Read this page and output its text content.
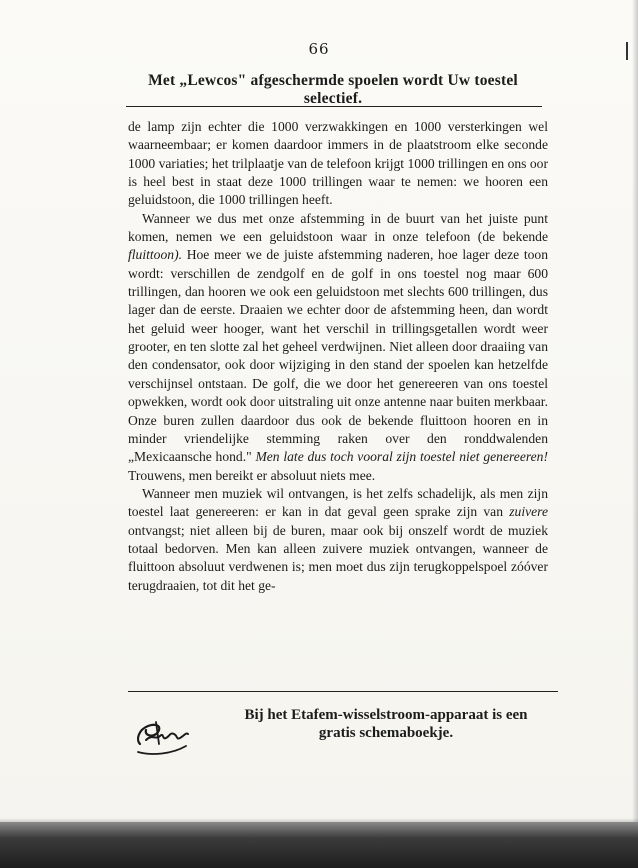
66
Met „Lewcos" afgeschermde spoelen wordt Uw toestel
selectief.

de lamp zijn echter die 1000 verzwakkingen en 1000 versterkingen wel waarneembaar; er komen daardoor immers in de plaatstroom elke seconde 1000 variaties; het trilplaatje van de telefoon krijgt 1000 trillingen en ons oor is heel best in staat deze 1000 trillingen waar te nemen: we hooren een geluidstoon, die 1000 trillingen heeft.

Wanneer we dus met onze afstemming in de buurt van het juiste punt komen, nemen we een geluidstoon waar in onze telefoon (de bekende fluittoon). Hoe meer we de juiste afstemming naderen, hoe lager deze toon wordt: verschillen de zendgolf en de golf in ons toestel nog maar 600 trillingen, dan hooren we ook een geluidstoon met slechts 600 trillingen, dus lager dan de eerste. Draaien we echter door de afstemming heen, dan wordt het geluid weer hooger, want het verschil in trillingsgetallen wordt weer grooter, en ten slotte zal het geheel verdwijnen. Niet alleen door draaiing van den condensator, ook door wijziging in den stand der spoelen kan hetzelfde verschijnsel ontstaan. De golf, die we door het genereeren van ons toestel opwekken, wordt ook door uitstraling uit onze antenne naar buiten merkbaar. Onze buren zullen daardoor dus ook de bekende fluittoon hooren en in minder vriendelijke stemming raken over den ronddwalenden „Mexicaansche hond." Men late dus toch vooral zijn toestel niet genereeren! Trouwens, men bereikt er absoluut niets mee.

Wanneer men muziek wil ontvangen, is het zelfs schadelijk, als men zijn toestel laat genereeren: er kan in dat geval geen sprake zijn van zuivere ontvangst; niet alleen bij de buren, maar ook bij onszelf wordt de muziek totaal bedorven. Men kan alleen zuivere muziek ontvangen, wanneer de fluittoon absoluut verdwenen is; men moet dus zijn terugkoppelspoel zóóver terugdraaien, tot dit het ge-

Bij het Etafem-wisselstroom-apparaat is een
gratis schemaboekje.
